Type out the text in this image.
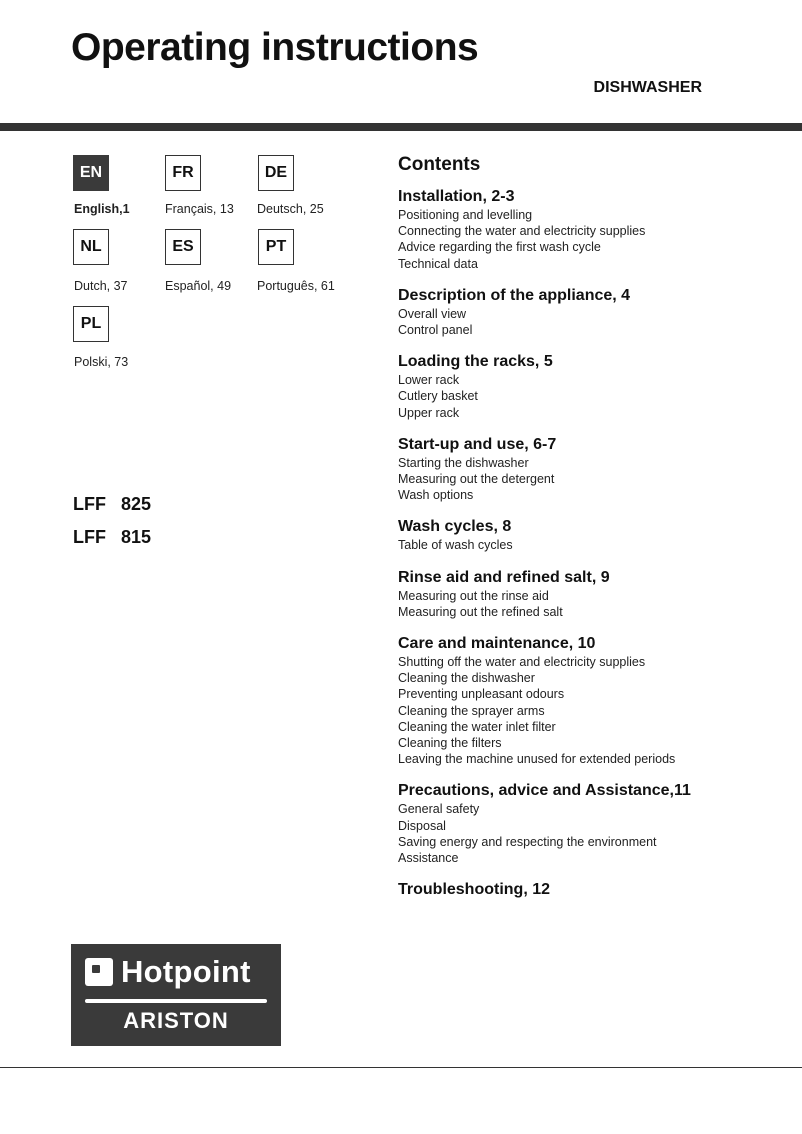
Operating instructions
DISHWASHER
EN
English,1
FR
Français, 13
DE
Deutsch, 25
NL
Dutch, 37
ES
Español, 49
PT
Português, 61
PL
Polski, 73
LFF   825
LFF   815
Hotpoint
ARISTON
Contents
Installation, 2-3
Positioning and levelling
Connecting the water and electricity supplies
Advice regarding the first wash cycle
Technical data
Description of the appliance, 4
Overall view
Control panel
Loading the racks, 5
Lower rack
Cutlery basket
Upper rack
Start-up and use, 6-7
Starting the dishwasher
Measuring out the detergent
Wash options
Wash cycles, 8
Table of wash cycles
Rinse aid and refined salt, 9
Measuring out the rinse aid
Measuring out the refined salt
Care and maintenance, 10
Shutting off the water and electricity supplies
Cleaning the dishwasher
Preventing unpleasant odours
Cleaning the sprayer arms
Cleaning the water inlet filter
Cleaning the filters
Leaving the machine unused for extended periods
Precautions, advice and Assistance,11
General safety
Disposal
Saving energy and respecting the environment
Assistance
Troubleshooting, 12
